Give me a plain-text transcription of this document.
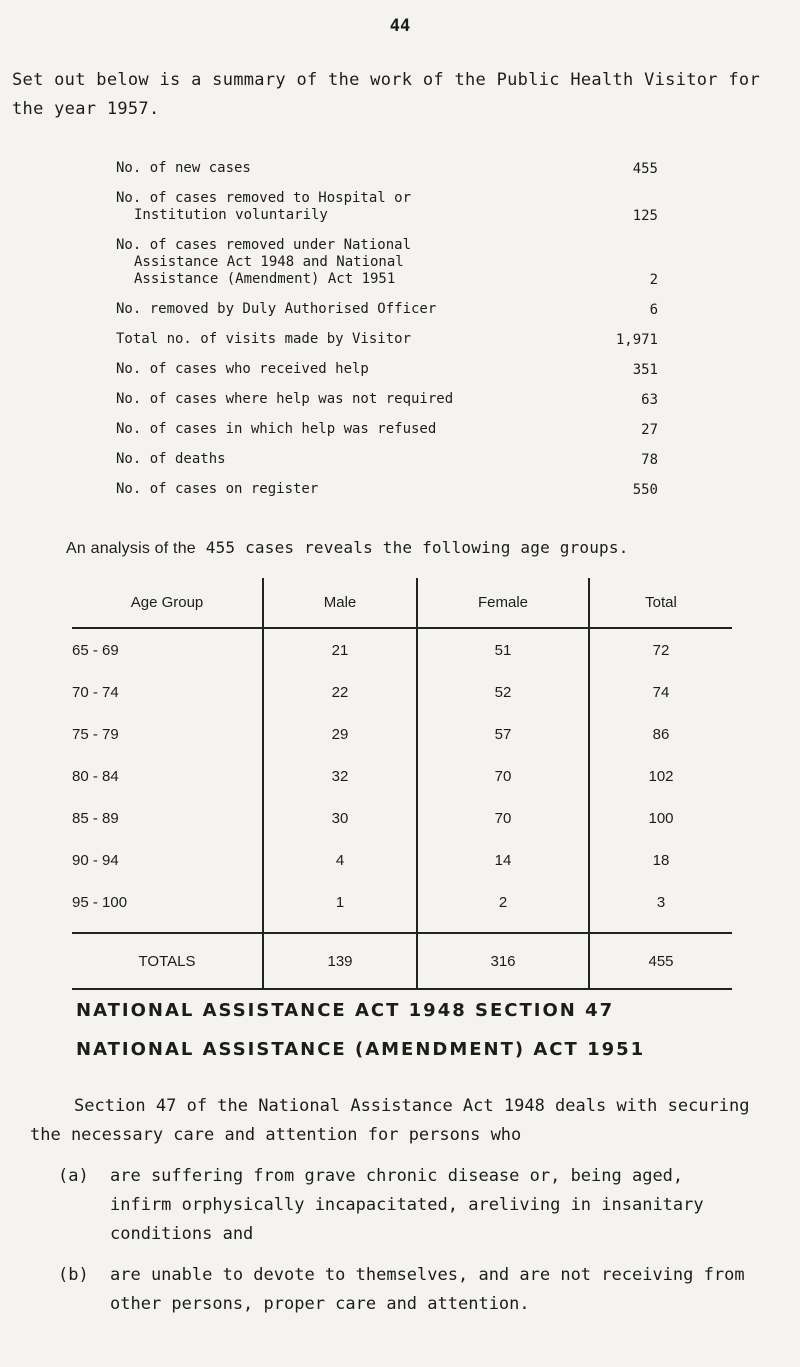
44
Set out below is a summary of the work of the Public Health Visitor for the year 1957.
No. of new cases	455
No. of cases removed to Hospital or

Institution voluntarily	125
No. of cases removed under National

Assistance Act 1948 and National
Assistance (Amendment) Act 1951	2
No. removed by Duly Authorised Officer	6
Total no. of visits made by Visitor	1,971
No. of cases who received help	351
No. of cases where help was not required	63
No. of cases in which help was refused	27
No. of deaths	78
No. of cases on register	550
An analysis of the 455 cases reveals the following age groups.
Age Group	Male	Female	Total
65 - 69	21	51	72
70 - 74	22	52	74
75 - 79	29	57	86
80 - 84	32	70	102
85 - 89	30	70	100
90 - 94	4	14	18
95 - 100	1	2	3
TOTALS	139	316	455
NATIONAL ASSISTANCE ACT 1948 SECTION 47
NATIONAL ASSISTANCE (AMENDMENT) ACT 1951
Section 47 of the National Assistance Act 1948 deals with securing the necessary care and attention for persons who
(a)	are suffering from grave chronic disease or, being aged, infirm orphysically incapacitated, areliving in insanitary conditions and
(b)	are unable to devote to themselves, and are not receiving from other persons, proper care and attention.
